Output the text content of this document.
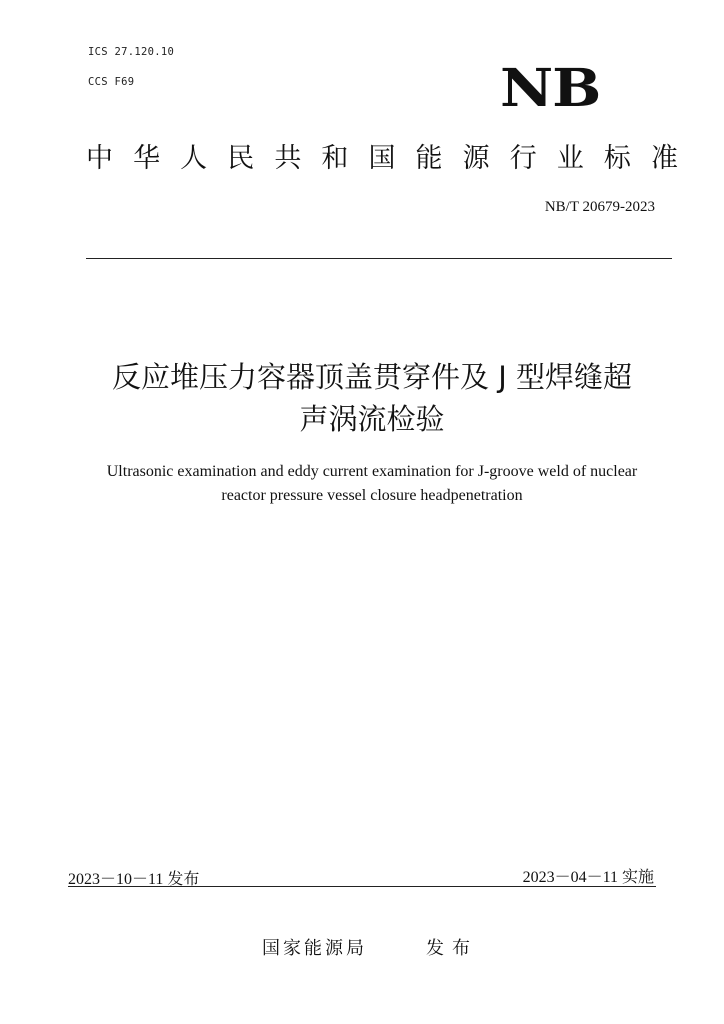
ICS 27.120.10
CCS F69	NB
中 华 人 民 共 和 国 能 源 行 业 标 准
NB/T 20679-2023
反应堆压力容器顶盖贯穿件及 J 型焊缝超
声涡流检验
Ultrasonic examination and eddy current examination for J-groove weld of nuclear
reactor pressure vessel closure headpenetration
2023－10－11 发布	2023－04－11 实施
国家能源局	发布
